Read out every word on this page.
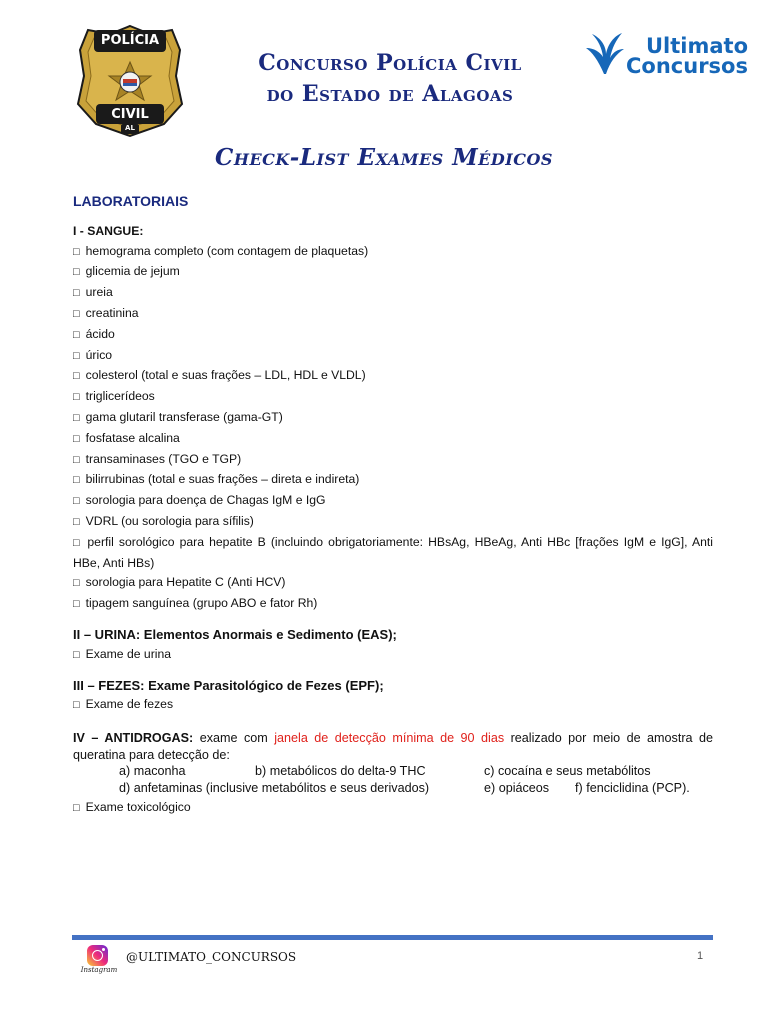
POLÍCIA
CIVIL
AL
Concurso Polícia Civil
do Estado de Alagoas
Ultimato
Concursos
Check-List Exames Médicos
LABORATORIAIS
I - SANGUE:
□ hemograma completo (com contagem de plaquetas)
□ glicemia de jejum
□ ureia
□ creatinina
□ ácido
□ úrico
□ colesterol (total e suas frações – LDL, HDL e VLDL)
□ triglicerídeos
□ gama glutaril transferase (gama-GT)
□ fosfatase alcalina
□ transaminases (TGO e TGP)
□ bilirrubinas (total e suas frações – direta e indireta)
□ sorologia para doença de Chagas IgM e IgG
□ VDRL (ou sorologia para sífilis)
□ perfil sorológico para hepatite B (incluindo obrigatoriamente: HBsAg, HBeAg, Anti HBc [frações IgM e IgG], Anti HBe, Anti HBs)
□ sorologia para Hepatite C (Anti HCV)
□ tipagem sanguínea (grupo ABO e fator Rh)
II – URINA: Elementos Anormais e Sedimento (EAS);
□ Exame de urina
III – FEZES: Exame Parasitológico de Fezes (EPF);
□ Exame de fezes
IV – ANTIDROGAS: exame com janela de detecção mínima de 90 dias realizado por meio de amostra de queratina para detecção de:
a) maconha	b) metabólicos do delta-9 THC	c) cocaína e seus metabólitos
d) anfetaminas (inclusive metabólitos e seus derivados)	e) opiáceos f) fenciclidina (PCP).
□ Exame toxicológico
Instagram
@ULTIMATO_CONCURSOS	1
